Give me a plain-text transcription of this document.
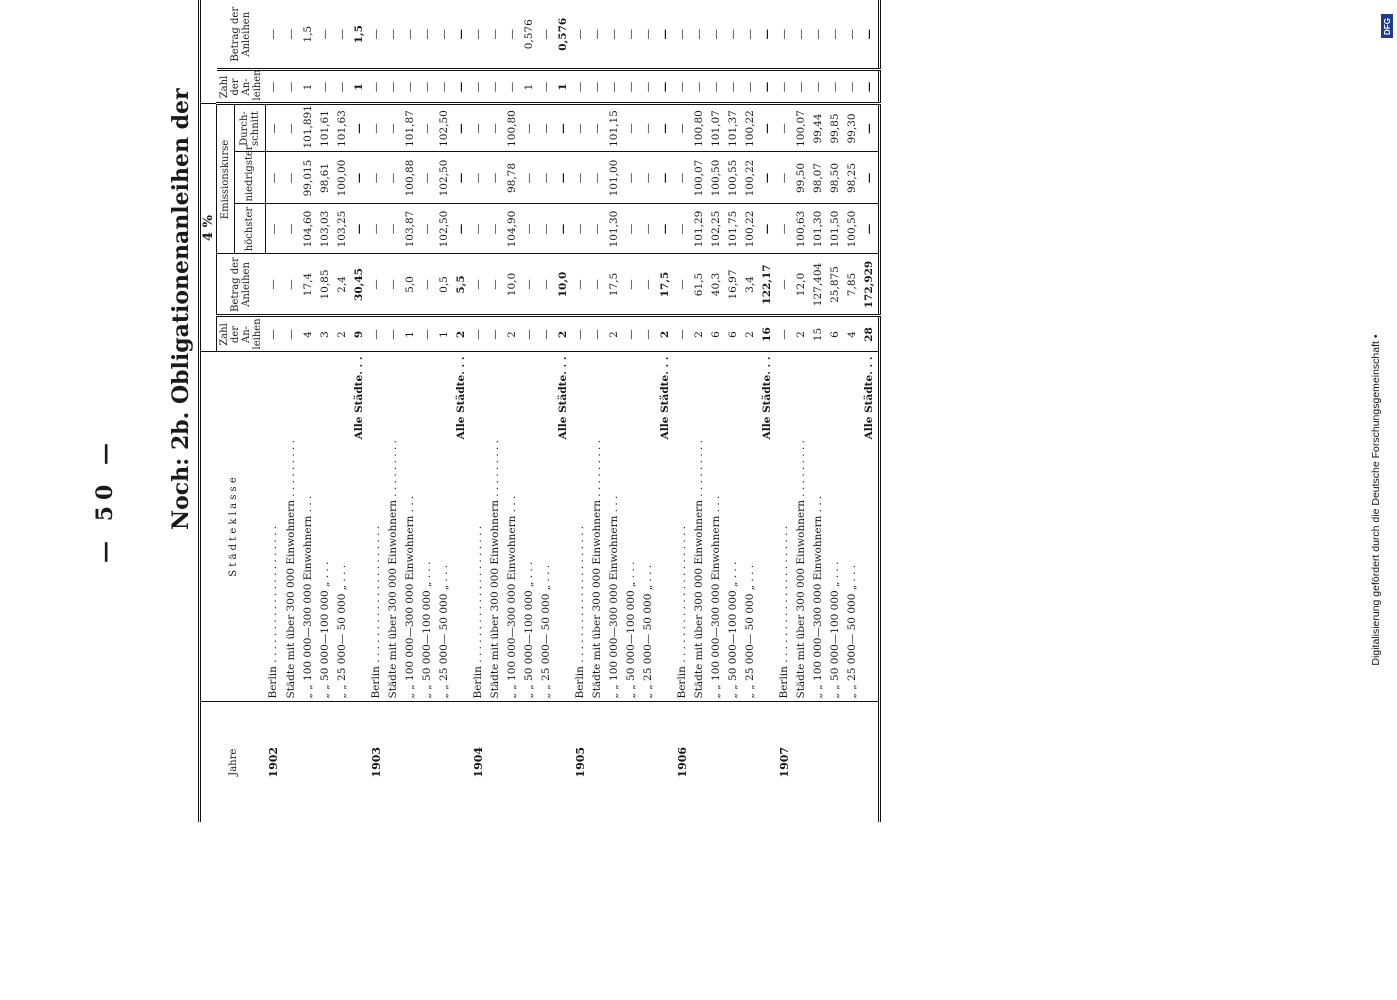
— 50 — Noch: 2b. Obligationenanleihen der
Jahre	S t ä d t e k l a s s e	4 %						
		Zahl der An-leihen	Betrag der Anleihen	Emissionskurse			Zahl der An-leihen	Betrag der Anleihen
				höchster	niedrigster	Durch-schnitt		
1902	Berlin . . . . . . . . . . . . . . . . . . . . .	—	—	—	—	—	—	—
	Städte mit über 300 000 Einwohnern . . . . . . . . .	—	—	—	—	—	—	—
	„ „ 100 000—300 000 Einwohnern . . .	4	17,4	104,60	99,015	101,891	1	1,5
	„ „ 50 000—100 000 „ . . .	3	10,85	103,03	98,61	101,61	—	—
	„ „ 25 000— 50 000 „ . . .	2	2,4	103,25	100,00	101,63	—	—
	Alle Städte. . .	9	30,45	—	—	—	1	1,5
1903	Berlin . . . . . . . . . . . . . . . . . . . . .	—	—	—	—	—	—	—
	Städte mit über 300 000 Einwohnern . . . . . . . . .	—	—	—	—	—	—	—
	„ „ 100 000—300 000 Einwohnern . . .	1	5,0	103,87	100,88	101,87	—	—
	„ „ 50 000—100 000 „ . . .	—	—	—	—	—	—	—
	„ „ 25 000— 50 000 „ . . .	1	0,5	102,50	102,50	102,50	—	—
	Alle Städte. . .	2	5,5	—	—	—	—	—
1904	Berlin . . . . . . . . . . . . . . . . . . . . .	—	—	—	—	—	—	—
	Städte mit über 300 000 Einwohnern . . . . . . . . .	—	—	—	—	—	—	—
	„ „ 100 000—300 000 Einwohnern . . .	2	10,0	104,90	98,78	100,80	—	—
	„ „ 50 000—100 000 „ . . .	—	—	—	—	—	1	0,576
	„ „ 25 000— 50 000 „ . . .	—	—	—	—	—	—	—
	Alle Städte. . .	2	10,0	—	—	—	1	0,576
1905	Berlin . . . . . . . . . . . . . . . . . . . . .	—	—	—	—	—	—	—
	Städte mit über 300 000 Einwohnern . . . . . . . . .	—	—	—	—	—	—	—
	„ „ 100 000—300 000 Einwohnern . . .	2	17,5	101,30	101,00	101,15	—	—
	„ „ 50 000—100 000 „ . . .	—	—	—	—	—	—	—
	„ „ 25 000— 50 000 „ . . .	—	—	—	—	—	—	—
	Alle Städte. . .	2	17,5	—	—	—	—	—
1906	Berlin . . . . . . . . . . . . . . . . . . . . .	—	—	—	—	—	—	—
	Städte mit über 300 000 Einwohnern . . . . . . . . .	2	61,5	101,29	100,07	100,80	—	—
	„ „ 100 000—300 000 Einwohnern . . .	6	40,3	102,25	100,50	101,07	—	—
	„ „ 50 000—100 000 „ . . .	6	16,97	101,75	100,55	101,37	—	—
	„ „ 25 000— 50 000 „ . . .	2	3,4	100,22	100,22	100,22	—	—
	Alle Städte. . .	16	122,17	—	—	—	—	—
1907	Berlin . . . . . . . . . . . . . . . . . . . . .	—	—	—	—	—	—	—
	Städte mit über 300 000 Einwohnern . . . . . . . . .	2	12,0	100,63	99,50	100,07	—	—
	„ „ 100 000—300 000 Einwohnern . . .	15	127,404	101,30	98,07	99,44	—	—
	„ „ 50 000—100 000 „ . . .	6	25,875	101,50	98,50	99,85	—	—
	„ „ 25 000— 50 000 „ . . .	4	7,85	100,50	98,25	99,30	—	—
	Alle Städte. . .	28	172,929	—	—	—	—	—	DFG
Digitalisierung gefördert durch die Deutsche Forschungsgemeinschaft •
